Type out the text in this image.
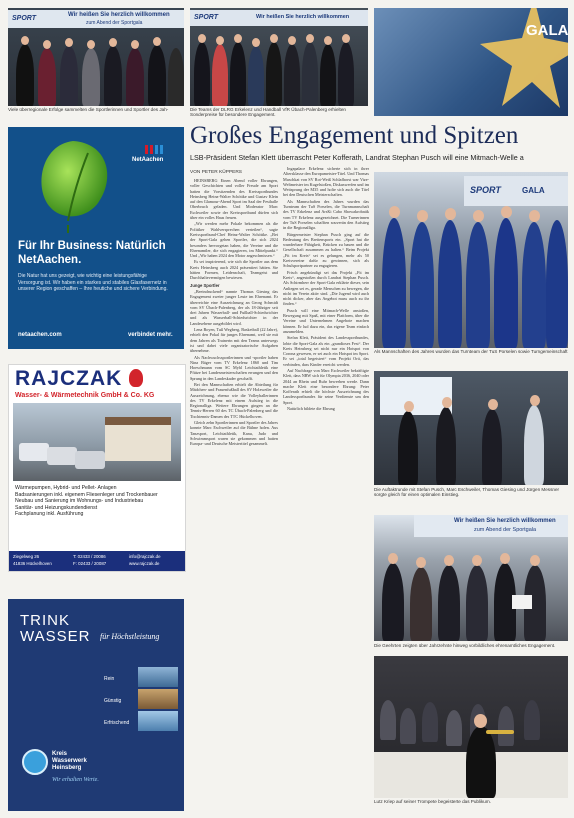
SPORT	Wir heißen Sie herzlich willkommen
zum Abend der Sportgala
Viele überregionale Erfolge sammelten die Sportlerinnen und Sportler des Jah-
SPORT	Wir heißen Sie herzlich willkommen
Die Teams der DLRG Erkelenz und Handball VfR Übach-Palenberg erhielten Sonderpreise für besondere Engagement.
GALA
Großes Engagement und Spitzen
LSB-Präsident Stefan Klett überrascht Peter Kofferath, Landrat Stephan Pusch will eine Mitmach-Welle a
NetAachen
Für Ihr Business: Natürlich NetAachen.
Die Natur hat uns gezeigt, wie wichtig eine leistungsfähige Versorgung ist. Wir haben ein starkes und stabiles Glasfasernetz in unserer Region geschaffen – Ihre heutiche und sichere Verbindung.
netaachen.com	verbindet mehr.
RAJCZAK
Wasser- & Wärmetechnik GmbH & Co. KG
Wärmepumpen, Hybrid- und Pellet- Anlagen
Badsanierungen inkl. eigenem Fliesenleger und Trockenbauer
Neubau und Sanierung im Wohnungs- und Industriebau
Sanitär- und Heizungskundendienst
Fachplanung inkl. Ausführung
Ziegelweg 26
41836 Hückelhoven
T: 02433 / 20086
F: 02433 / 20087
info@rajczak.de
www.rajczak.de
TRINK WASSER	für Höchstleistung
Rein
Günstig
Erfrischend
Kreis Wasserwerk Heinsberg
Wir erhalten Werte.
VON PETER KÜPPERS

HEINSBERG Einen Abend voller Ehrungen, voller Geschichten und voller Freude am Sport hatten die Vorsitzenden des Kreissportbundes Heinsberg Heinz-Walter Schöttke und Gustav Klein auf den Glamour-Abend Sport im Saal der Festhalle Oberbruch geladen. Und Moderator Marc Eschweiler sowie der Kreissportbund dürfen sich über ein volles Haus freuen.

„Wir werden mehr Pokale bekommen als die Politiker Wahlversprechen verteilen“, sagte Kreissportbund-Chef Heinz-Walter Schöttke. „Bei der Sport-Gala gehen Sportler, die sich 2024 besonders hervorgetan haben, die Vereine und die Ehrenamtler, die sich engagieren, im Mittelpunkt.“ Und „Wir haben 2024 den Motor angeschmissen.“

Es sei inspirierend, wie sich die Sportler aus dem Kreis Heinsberg auch 2024 präsentiert hätten. Sie hätten Formen, Leidenschaft, Teamgeist und Durchhaltevermögen bewiesen.

Junge Sportler

„Beeindruckend“ nannte Thomas Giesing das Engagement zweier junger Leute im Ehrenamt. Er überreichte eine Auszeichnung an Georg Schmidt vom SV Übach-Palenberg, der als 18-Jähriger seit drei Jahren Wasserball- und Fußball-Schiedsrichter und als Wasserball-Schiedsrichter in der Landesebene ausgebildet wird.

Lena Boyen, Tuß Wegberg, Basketball (22 Jahre), erhielt den Pokal für junges Ehrenamt, weil sie mit dem Jahren als Trainerin mit den Teams unterwegs ist und dabei viele organisatorische Aufgaben übernehme.

Als Nachwuchssportlerinnen und -sportler haben Nina Bäger vom TV Erkelenz 1860 und Tim Hoeschmann vom SC Myhl Leichtathletik eine Pfütze bei Landesmeisterschaften errungen und den Sprung in den Landeskader geschafft.

Bei den Mannschaften erhielt die Abteilung für Mädchen- und Frauenfußball des SV Holzweiler die Auszeichnung, ebenso wie die Volleyballerinnen des TV Erkelenz mit einem Aufstieg in die Regionalliga. Weitere Ehrungen gingen an die Tennis-Herren 60 des TC Übach-Palenberg und die Tischtennis-Damen des TTC Hückelhoven.

Gleich zehn Sportlerinnen und Sportler des Jahres konnte Marc Eschweiler auf die Bühne holen. Aus Tanzsport, Leichtathletik, Kanu, Judo und Schwimmsport waren sie gekommen und hatten Europa- und Deutsche Meistertitel gesammelt.

Ingapalace Erkelenz sicherte sich in ihrer Altersklasse den Europameister-Titel. Und Thomas Muschkat von SV Rot-Weiß Schlafhorst war Vize-Weltmeister im Kugelstoßen, Diskuswerfen und im Weitsprung der M35 und holte sich auch die Titel bei den Deutschen Meisterschaften.

Als Mannschaften des Jahres wurden das Turnteam der TuS Porselen, die Turnmannschaft des TV Erkelenz und ArsKi Cabo Showakrobatik vom TV Erkelenz ausgezeichnet. Die Turnerinnen der TuS Porselen schafften souverän den Aufstieg in die Regionalliga.

Bürgermeister Stephan Pusch ging auf die Bedeutung des Breitensports ein. „Sport hat die wunderbare Fähigkeit, Brücken zu bauen und die Gesellschaft zusammen zu halten.“ Beim Projekt „Fit im Kreis“ sei es gelungen, mehr als 50 Kreisvereine dafür zu gewinnen, sich als Schulsportpartner zu engagieren.

Frisch angekündigt sei das Projekt „Fit im Kreis“, angestoßen durch Landrat Stephan Pusch. Als Schirmherr der Sport-Gala erklärte dieser, sein Anliegen sei es, gerade Menschen zu bewegen, die nicht im Verein aktiv sind. „Die Jugend wird auch nicht dicker, aber das Angebot muss auch zu ihr finden.“

Pusch will eine Mitmach-Welle anstoßen, Bewegung mit Spaß, mit einer Plattform, über die Vereine und Unternehmen Angebote machen können. Er lud dazu ein, das eigene Team einfach anzumelden.

Stefan Klett, Präsident des Landessportbundes, lobte die Sport-Gala als ein „grandioses Fest“. Der Kreis Heinsberg sei nicht nur ein Hotspot von Corona gewesen, er sei auch ein Hotspot im Sport. Er sei „total begeistert“ vom Projekt Orti, das verbinden, dass Kinder erreicht werden.

Auf Nachfrage von Marc Eschweiler bekräftigte Klett, dass NRW sich für Olympia 2036, 2040 oder 2044 an Rhein und Ruhr bewerben werde. Dann mache Klett eine besondere Ehrung: Peter Kofferath erhielt die höchste Auszeichnung des Landessportbundes für seine Verdienste um den Sport.

Natürlich bildete die Ehrung

SPORT	GALA
Als Mannschaften des Jahres wurden das Turnteam der TuS Porselen sowie Turngemeinschaft
Die Auftaktrunde mit Stefan Pusch, Marc Eschweiler, Thomas Giesing und Jürgen Messner sorgte gleich für einen optimalen Einstieg.
Wir heißen Sie herzlich willkommen
zum Abend der Sportgala
Die Geehrten zeigten über Jahrzehnte hinweg vorbildliches ehrenamtliches Engagement.
Lutz Kriep auf seiner Trompete begeisterte das Publikum.
